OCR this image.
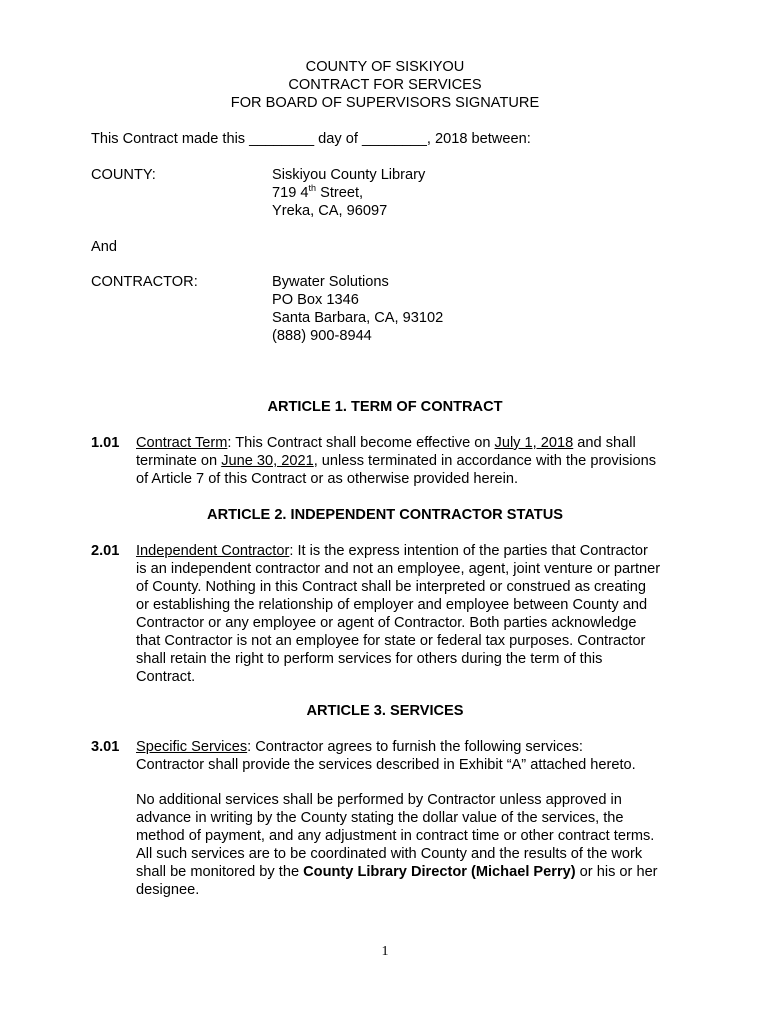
COUNTY OF SISKIYOU
CONTRACT FOR SERVICES
FOR BOARD OF SUPERVISORS SIGNATURE
This Contract made this ________ day of ________, 2018 between:
COUNTY:	Siskiyou County Library
719 4th Street,
Yreka, CA, 96097
And
CONTRACTOR:	Bywater Solutions
PO Box 1346
Santa Barbara, CA, 93102
(888) 900-8944
ARTICLE 1. TERM OF CONTRACT
1.01 Contract Term: This Contract shall become effective on July 1, 2018 and shall
terminate on June 30, 2021, unless terminated in accordance with the provisions
of Article 7 of this Contract or as otherwise provided herein.
ARTICLE 2. INDEPENDENT CONTRACTOR STATUS
2.01 Independent Contractor: It is the express intention of the parties that Contractor
is an independent contractor and not an employee, agent, joint venture or partner
of County. Nothing in this Contract shall be interpreted or construed as creating
or establishing the relationship of employer and employee between County and
Contractor or any employee or agent of Contractor. Both parties acknowledge
that Contractor is not an employee for state or federal tax purposes. Contractor
shall retain the right to perform services for others during the term of this
Contract.
ARTICLE 3. SERVICES
3.01 Specific Services: Contractor agrees to furnish the following services:
Contractor shall provide the services described in Exhibit “A” attached hereto.
No additional services shall be performed by Contractor unless approved in
advance in writing by the County stating the dollar value of the services, the
method of payment, and any adjustment in contract time or other contract terms.
All such services are to be coordinated with County and the results of the work
shall be monitored by the County Library Director (Michael Perry) or his or her
designee.
1
